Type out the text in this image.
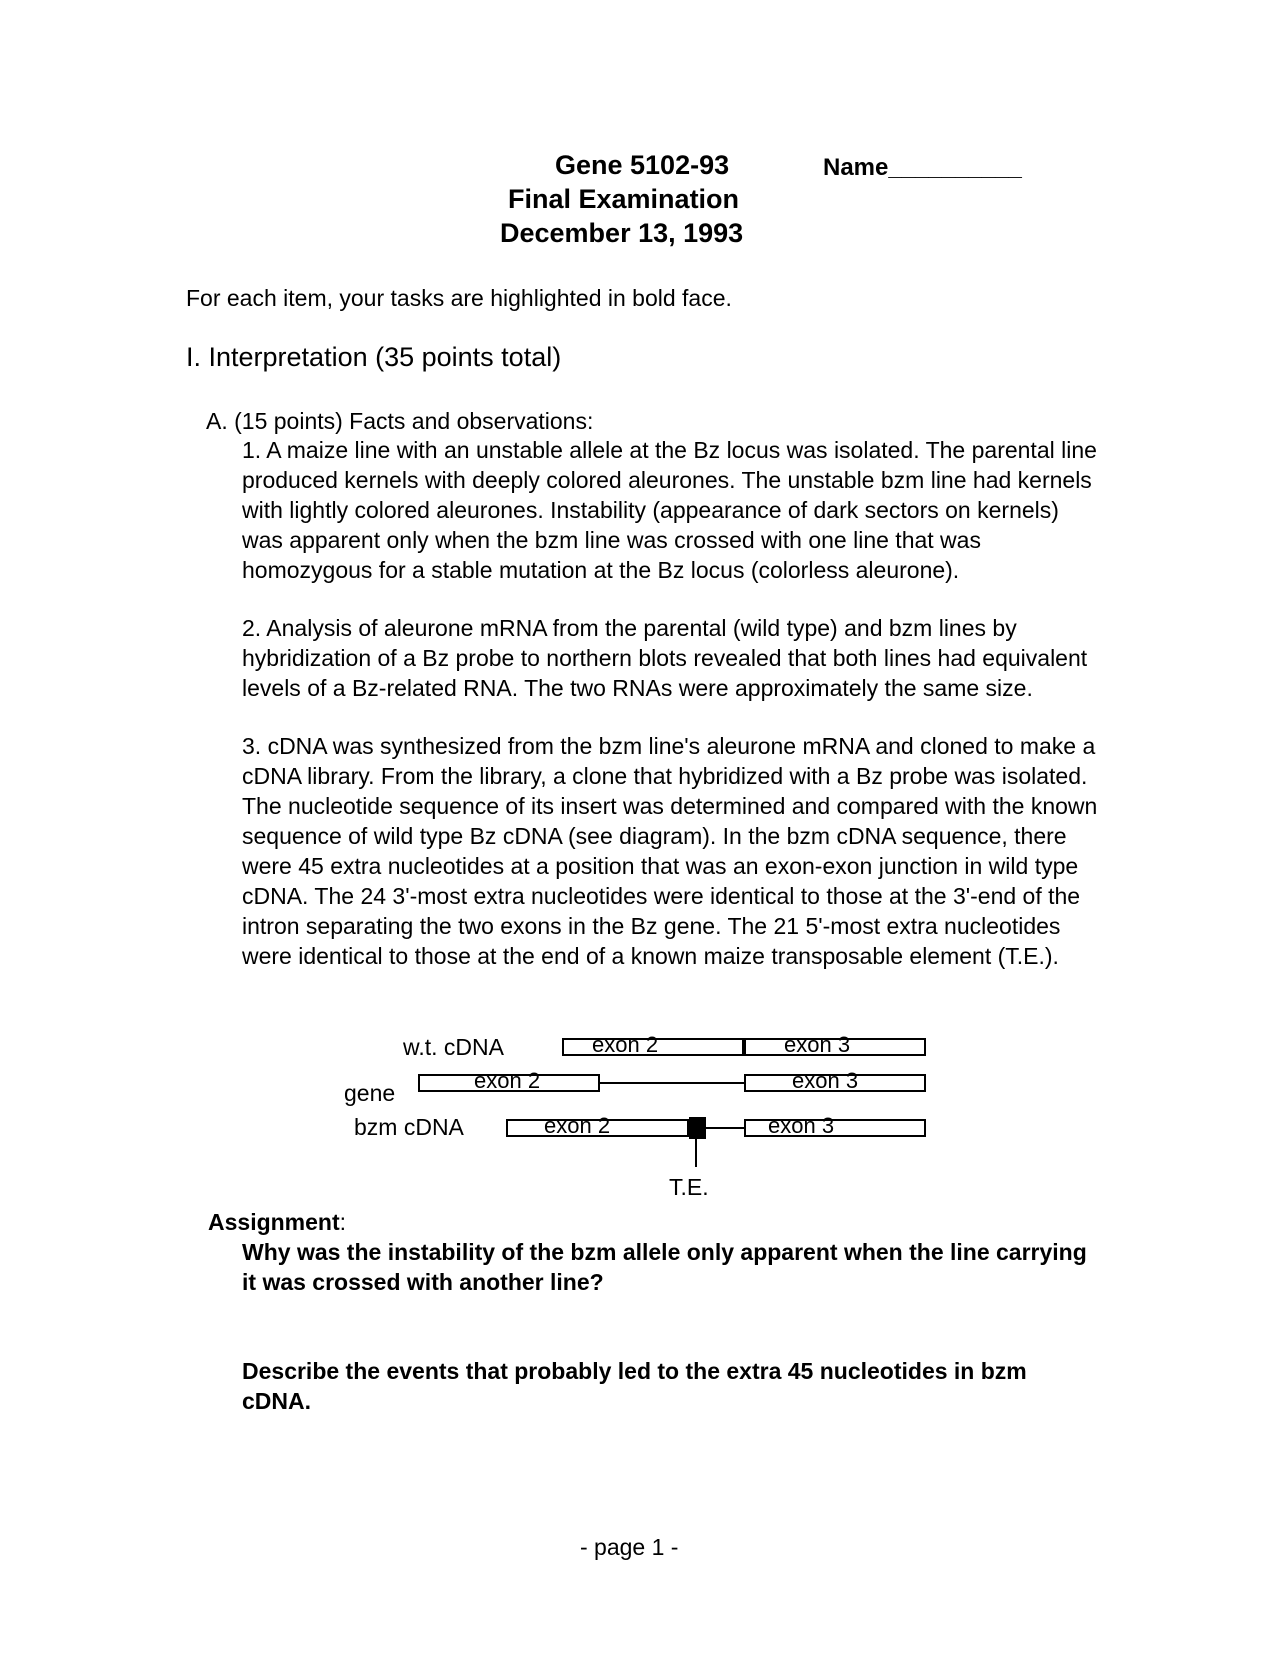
Gene 5102-93	Name__________
Final Examination
December 13, 1993
For each item, your tasks are highlighted in bold face.
I. Interpretation (35 points total)
A. (15 points) Facts and observations:
1. A maize line with an unstable allele at the Bz locus was isolated. The parental line produced kernels with deeply colored aleurones. The unstable bzm line had kernels with lightly colored aleurones. Instability (appearance of dark sectors on kernels) was apparent only when the bzm line was crossed with one line that was homozygous for a stable mutation at the Bz locus (colorless aleurone).
2. Analysis of aleurone mRNA from the parental (wild type) and bzm lines by hybridization of a Bz probe to northern blots revealed that both lines had equivalent levels of a Bz-related RNA. The two RNAs were approximately the same size.
3. cDNA was synthesized from the bzm line's aleurone mRNA and cloned to make a cDNA library. From the library, a clone that hybridized with a Bz probe was isolated. The nucleotide sequence of its insert was determined and compared with the known sequence of wild type Bz cDNA (see diagram). In the bzm cDNA sequence, there were 45 extra nucleotides at a position that was an exon-exon junction in wild type cDNA. The 24 3'-most extra nucleotides were identical to those at the 3'-end of the intron separating the two exons in the Bz gene. The 21 5'-most extra nucleotides were identical to those at the end of a known maize transposable element (T.E.).
w.t. cDNA	exon 2	exon 3
gene	exon 2	exon 3
bzm cDNA	exon 2	exon 3
T.E.
Assignment:
Why was the instability of the bzm allele only apparent when the line carrying it was crossed with another line?
Describe the events that probably led to the extra 45 nucleotides in bzm cDNA.
- page 1 -
